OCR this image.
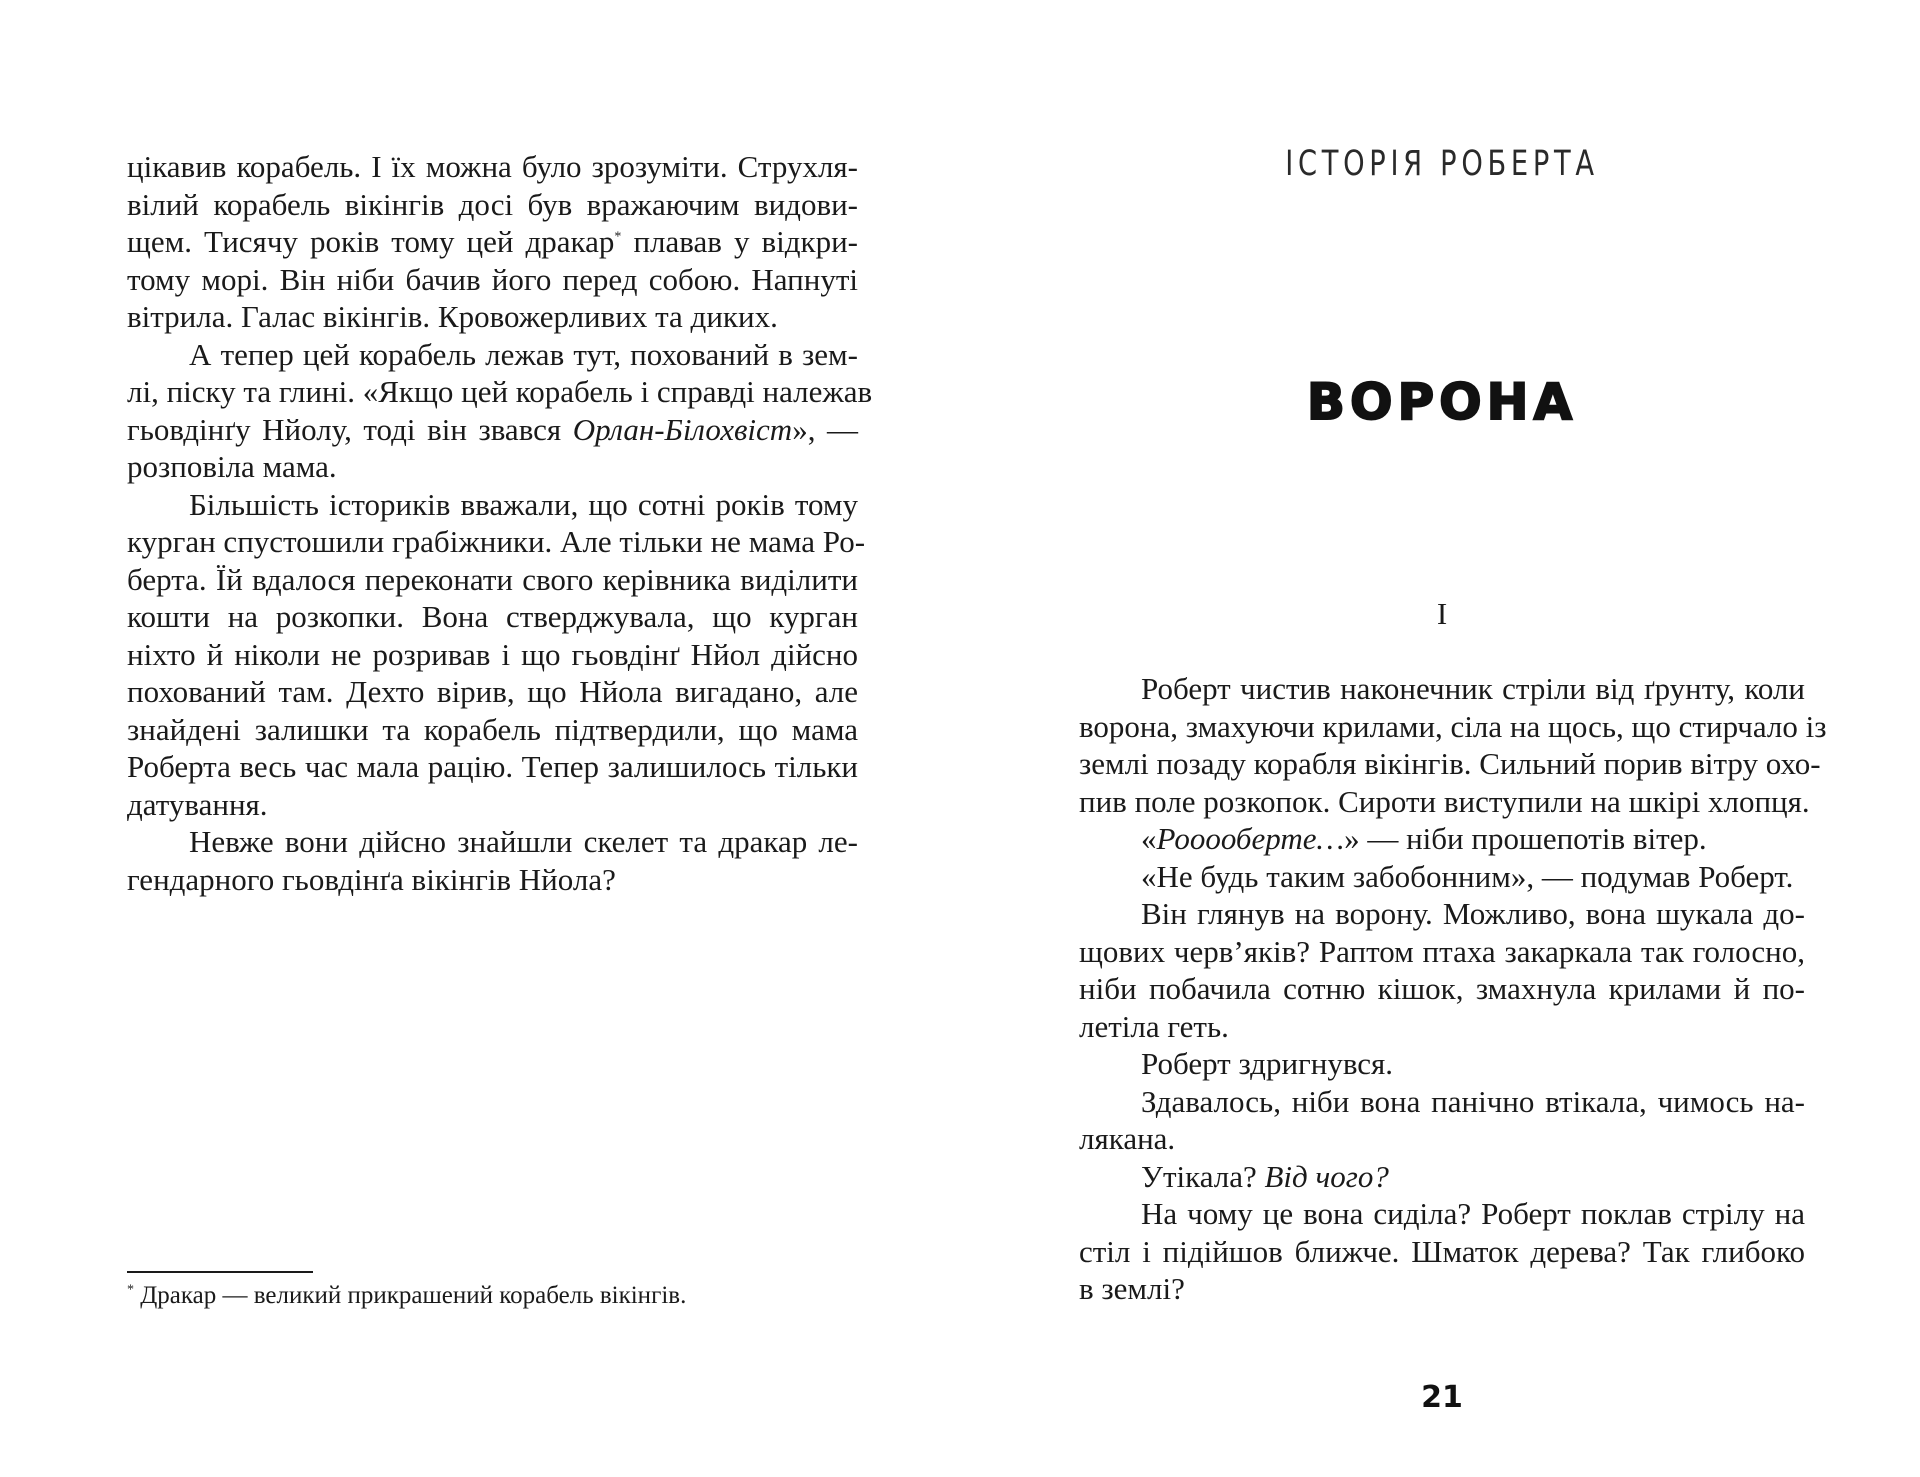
цікавив корабель. І їх можна було зрозуміти. Струхля-
вілий корабель вікінгів досі був вражаючим видови-
щем. Тисячу років тому цей дракар* плавав у відкри-
тому морі. Він ніби бачив його перед собою. Напнуті
вітрила. Галас вікінгів. Кровожерливих та диких.
А тепер цей корабель лежав тут, похований в зем-
лі, піску та глині. «Якщо цей корабель і справді належав
гьовдінґу Нйолу, тоді він звався Орлан-Білохвіст», —
розповіла мама.
Більшість істориків вважали, що сотні років тому
курган спустошили грабіжники. Але тільки не мама Ро-
берта. Їй вдалося переконати свого керівника виділити
кошти на розкопки. Вона стверджувала, що курган
ніхто й ніколи не розривав і що гьовдінґ Нйол дійсно
похований там. Дехто вірив, що Нйола вигадано, але
знайдені залишки та корабель підтвердили, що мама
Роберта весь час мала рацію. Тепер залишилось тільки
датування.
Невже вони дійсно знайшли скелет та дракар ле-
гендарного гьовдінґа вікінгів Нйола?
* Дракар — великий прикрашений корабель вікінгів.
ІСТОРІЯ РОБЕРТА
ВОРОНА
І
Роберт чистив наконечник стріли від ґрунту, коли
ворона, змахуючи крилами, сіла на щось, що стирчало із
землі позаду корабля вікінгів. Сильний порив вітру охо-
пив поле розкопок. Сироти виступили на шкірі хлопця.
«Рооооберте…» — ніби прошепотів вітер.
«Не будь таким забобонним», — подумав Роберт.
Він глянув на ворону. Можливо, вона шукала до-
щових черв’яків? Раптом птаха закаркала так голосно,
ніби побачила сотню кішок, змахнула крилами й по-
летіла геть.
Роберт здригнувся.
Здавалось, ніби вона панічно втікала, чимось на-
лякана.
Утікала? Від чого?
На чому це вона сиділа? Роберт поклав стрілу на
стіл і підійшов ближче. Шматок дерева? Так глибоко
в землі?
21
